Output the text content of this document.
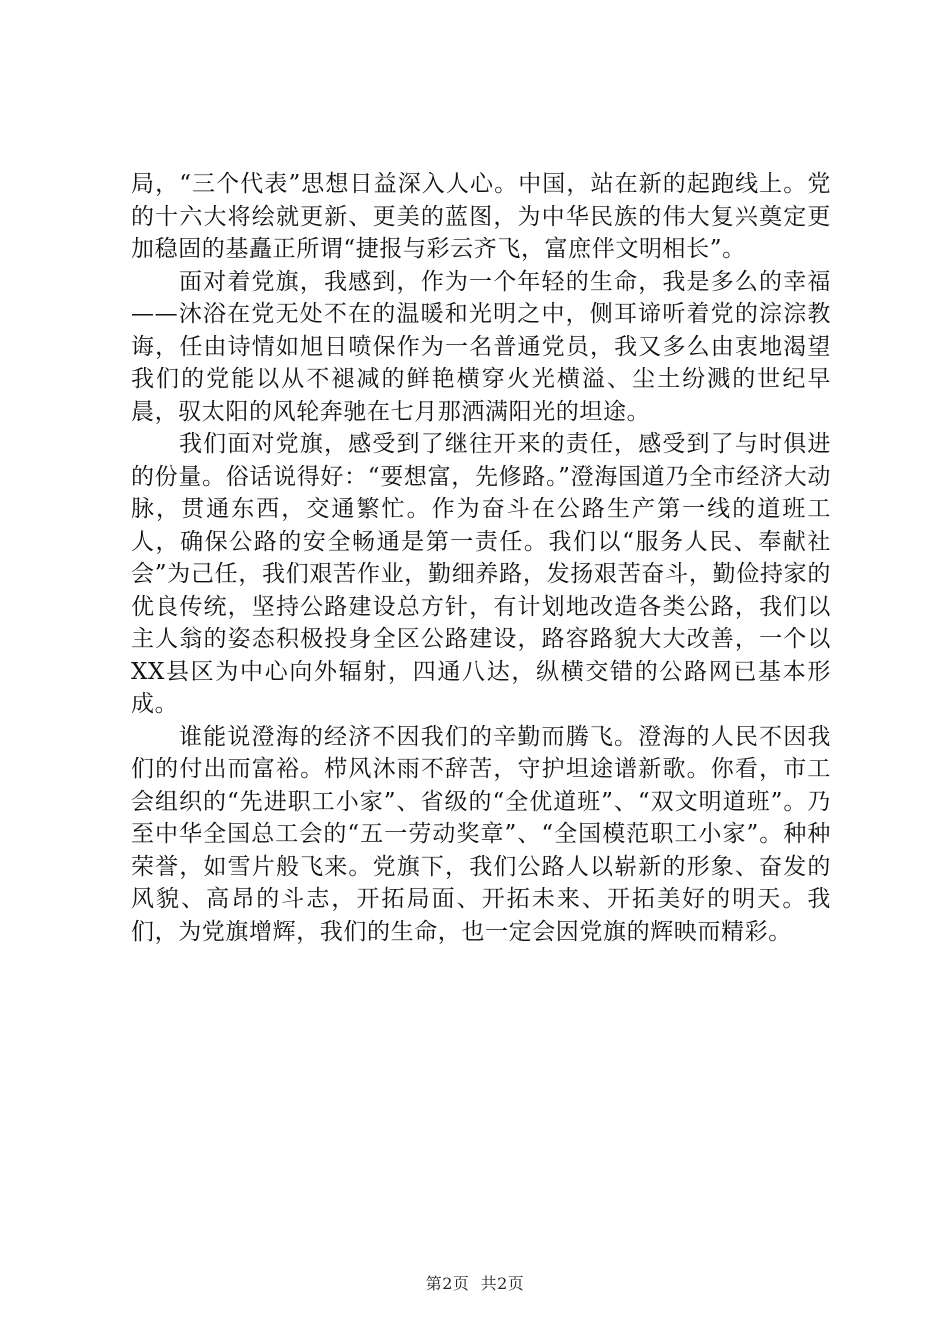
局，“三个代表”思想日益深入人心。中国，站在新的起跑线上。党的十六大将绘就更新、更美的蓝图，为中华民族的伟大复兴奠定更加稳固的基矗正所谓“捷报与彩云齐飞，富庶伴文明相长”。

面对着党旗，我感到，作为一个年轻的生命，我是多么的幸福——沐浴在党无处不在的温暖和光明之中，侧耳谛听着党的淙淙教诲，任由诗情如旭日喷保作为一名普通党员，我又多么由衷地渴望我们的党能以从不褪减的鲜艳横穿火光横溢、尘土纷溅的世纪早晨，驭太阳的风轮奔驰在七月那洒满阳光的坦途。

我们面对党旗，感受到了继往开来的责任，感受到了与时俱进的份量。俗话说得好：“要想富，先修路。”澄海国道乃全市经济大动脉，贯通东西，交通繁忙。作为奋斗在公路生产第一线的道班工人，确保公路的安全畅通是第一责任。我们以“服务人民、奉献社会”为己任，我们艰苦作业，勤细养路，发扬艰苦奋斗，勤俭持家的优良传统，坚持公路建设总方针，有计划地改造各类公路，我们以主人翁的姿态积极投身全区公路建设，路容路貌大大改善，一个以XX县区为中心向外辐射，四通八达，纵横交错的公路网已基本形成。

谁能说澄海的经济不因我们的辛勤而腾飞。澄海的人民不因我们的付出而富裕。栉风沐雨不辞苦，守护坦途谱新歌。你看，市工会组织的“先进职工小家”、省级的“全优道班”、“双文明道班”。乃至中华全国总工会的“五一劳动奖章”、“全国模范职工小家”。种种荣誉，如雪片般飞来。党旗下，我们公路人以崭新的形象、奋发的风貌、高昂的斗志，开拓局面、开拓未来、开拓美好的明天。我们，为党旗增辉，我们的生命，也一定会因党旗的辉映而精彩。

第2页  共2页
